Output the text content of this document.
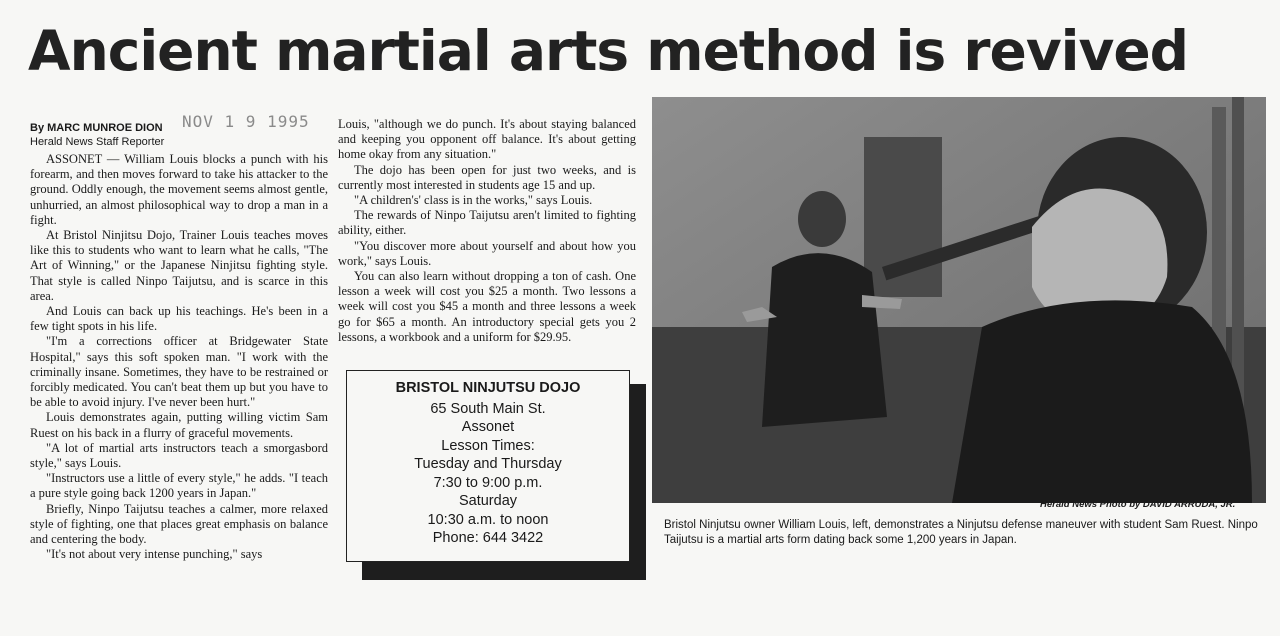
Ancient martial arts method is revived
By MARC MUNROE DION NOV 1 9 1995
Herald News Staff Reporter

ASSONET — William Louis blocks a punch with his forearm, and then moves forward to take his attacker to the ground. Oddly enough, the movement seems almost gentle, unhurried, an almost philosophical way to drop a man in a fight.

At Bristol Ninjitsu Dojo, Trainer Louis teaches moves like this to students who want to learn what he calls, "The Art of Winning," or the Japanese Ninjitsu fighting style. That style is called Ninpo Taijutsu, and is scarce in this area.

And Louis can back up his teachings. He's been in a few tight spots in his life.

"I'm a corrections officer at Bridgewater State Hospital," says this soft spoken man. "I work with the criminally insane. Sometimes, they have to be restrained or forcibly medicated. You can't beat them up but you have to be able to avoid injury. I've never been hurt."

Louis demonstrates again, putting willing victim Sam Ruest on his back in a flurry of graceful movements.

"A lot of martial arts instructors teach a smorgasbord style," says Louis.

"Instructors use a little of every style," he adds. "I teach a pure style going back 1200 years in Japan."

Briefly, Ninpo Taijutsu teaches a calmer, more relaxed style of fighting, one that places great emphasis on balance and centering the body.

"It's not about very intense punching," says

Louis, "although we do punch. It's about staying balanced and keeping you opponent off balance. It's about getting home okay from any situation."

The dojo has been open for just two weeks, and is currently most interested in students age 15 and up.

"A children's' class is in the works," says Louis.

The rewards of Ninpo Taijutsu aren't limited to fighting ability, either.

"You discover more about yourself and about how you work," says Louis.

You can also learn without dropping a ton of cash. One lesson a week will cost you $25 a month. Two lessons a week will cost you $45 a month and three lessons a week go for $65 a month. An introductory special gets you 2 lessons, a workbook and a uniform for $29.95.

BRISTOL NINJUTSU DOJO
65 South Main St.
Assonet
Lesson Times:
Tuesday and Thursday
7:30 to 9:00 p.m.
Saturday
10:30 a.m. to noon
Phone: 644 3422
Herald News Photo by DAVID ARRUDA, JR.
Bristol Ninjutsu owner William Louis, left, demonstrates a Ninjutsu defense maneuver with student Sam Ruest. Ninpo Taijutsu is a martial arts form dating back some 1,200 years in Japan.
